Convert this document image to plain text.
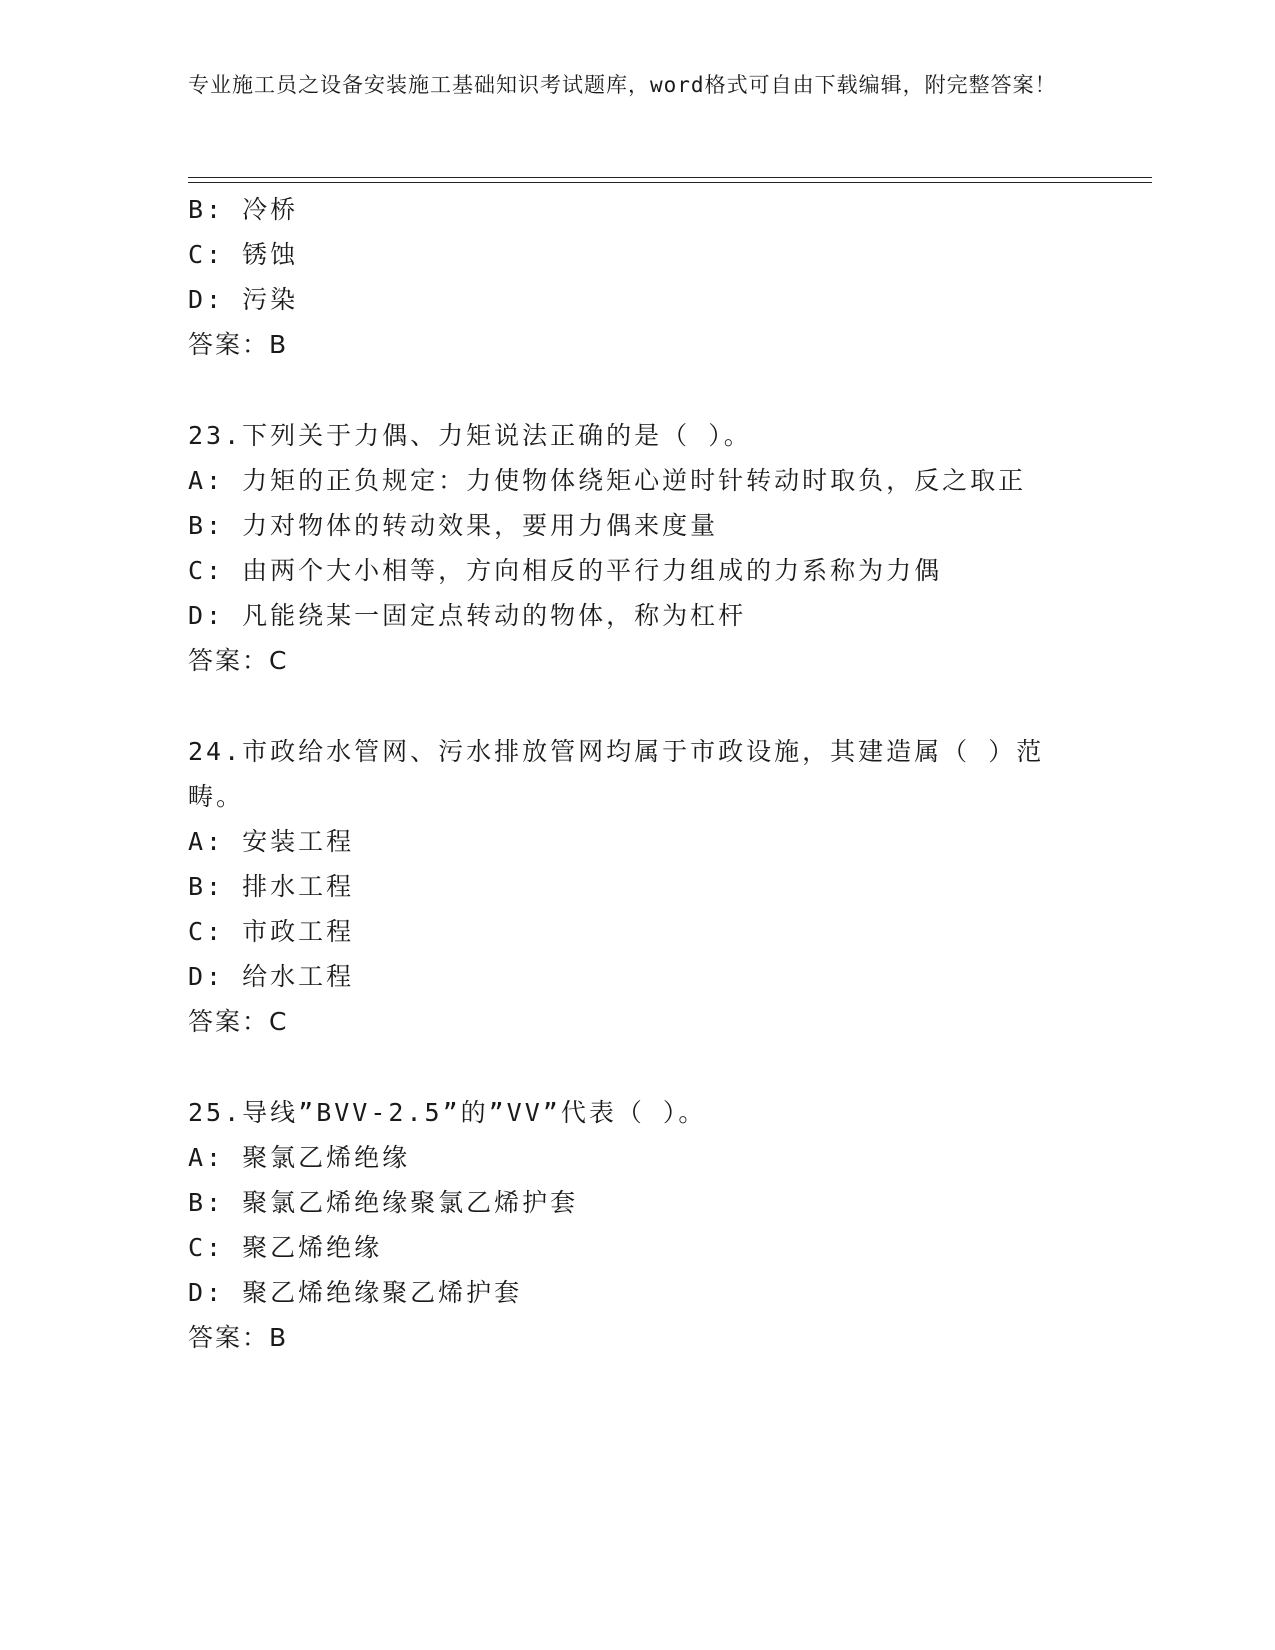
专业施工员之设备安装施工基础知识考试题库，word格式可自由下载编辑，附完整答案！
B: 冷桥
C: 锈蚀
D: 污染
答案：B
23.下列关于力偶、力矩说法正确的是（ ）。
A: 力矩的正负规定：力使物体绕矩心逆时针转动时取负，反之取正
B: 力对物体的转动效果，要用力偶来度量
C: 由两个大小相等，方向相反的平行力组成的力系称为力偶
D: 凡能绕某一固定点转动的物体，称为杠杆
答案：C
24.市政给水管网、污水排放管网均属于市政设施，其建造属（ ）范
畴。
A: 安装工程
B: 排水工程
C: 市政工程
D: 给水工程
答案：C
25.导线”BVV-2.5”的”VV”代表（ ）。
A: 聚氯乙烯绝缘
B: 聚氯乙烯绝缘聚氯乙烯护套
C: 聚乙烯绝缘
D: 聚乙烯绝缘聚乙烯护套
答案：B
